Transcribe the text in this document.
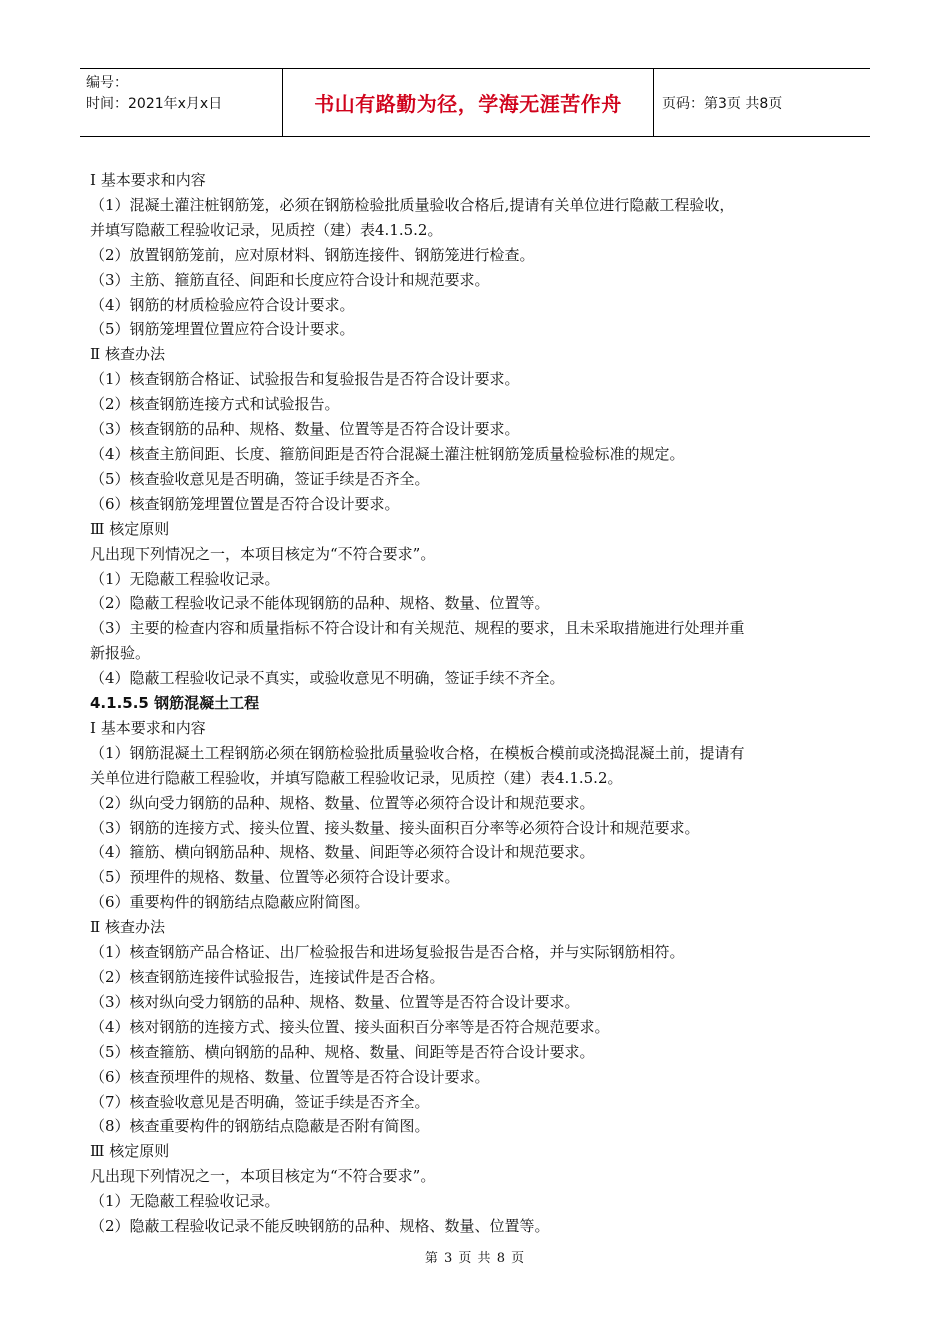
编号：
时间：2021年x月x日	书山有路勤为径，学海无涯苦作舟	页码：第3页 共8页
Ⅰ 基本要求和内容
（1）混凝土灌注桩钢筋笼，必须在钢筋检验批质量验收合格后,提请有关单位进行隐蔽工程验收，
并填写隐蔽工程验收记录，见质控（建）表4.1.5.2。
（2）放置钢筋笼前，应对原材料、钢筋连接件、钢筋笼进行检查。
（3）主筋、箍筋直径、间距和长度应符合设计和规范要求。
（4）钢筋的材质检验应符合设计要求。
（5）钢筋笼埋置位置应符合设计要求。
Ⅱ 核查办法
（1）核查钢筋合格证、试验报告和复验报告是否符合设计要求。
（2）核查钢筋连接方式和试验报告。
（3）核查钢筋的品种、规格、数量、位置等是否符合设计要求。
（4）核查主筋间距、长度、箍筋间距是否符合混凝土灌注桩钢筋笼质量检验标准的规定。
（5）核查验收意见是否明确，签证手续是否齐全。
（6）核查钢筋笼埋置位置是否符合设计要求。
Ⅲ 核定原则
凡出现下列情况之一，本项目核定为“不符合要求”。
（1）无隐蔽工程验收记录。
（2）隐蔽工程验收记录不能体现钢筋的品种、规格、数量、位置等。
（3）主要的检查内容和质量指标不符合设计和有关规范、规程的要求，且未采取措施进行处理并重
新报验。
（4）隐蔽工程验收记录不真实，或验收意见不明确，签证手续不齐全。
4.1.5.5 钢筋混凝土工程
Ⅰ 基本要求和内容
（1）钢筋混凝土工程钢筋必须在钢筋检验批质量验收合格，在模板合模前或浇捣混凝土前，提请有
关单位进行隐蔽工程验收，并填写隐蔽工程验收记录，见质控（建）表4.1.5.2。
（2）纵向受力钢筋的品种、规格、数量、位置等必须符合设计和规范要求。
（3）钢筋的连接方式、接头位置、接头数量、接头面积百分率等必须符合设计和规范要求。
（4）箍筋、横向钢筋品种、规格、数量、间距等必须符合设计和规范要求。
（5）预埋件的规格、数量、位置等必须符合设计要求。
（6）重要构件的钢筋结点隐蔽应附简图。
Ⅱ 核查办法
（1）核查钢筋产品合格证、出厂检验报告和进场复验报告是否合格，并与实际钢筋相符。
（2）核查钢筋连接件试验报告，连接试件是否合格。
（3）核对纵向受力钢筋的品种、规格、数量、位置等是否符合设计要求。
（4）核对钢筋的连接方式、接头位置、接头面积百分率等是否符合规范要求。
（5）核查箍筋、横向钢筋的品种、规格、数量、间距等是否符合设计要求。
（6）核查预埋件的规格、数量、位置等是否符合设计要求。
（7）核查验收意见是否明确，签证手续是否齐全。
（8）核查重要构件的钢筋结点隐蔽是否附有简图。
Ⅲ 核定原则
凡出现下列情况之一，本项目核定为“不符合要求”。
（1）无隐蔽工程验收记录。
（2）隐蔽工程验收记录不能反映钢筋的品种、规格、数量、位置等。
第 3 页 共 8 页
